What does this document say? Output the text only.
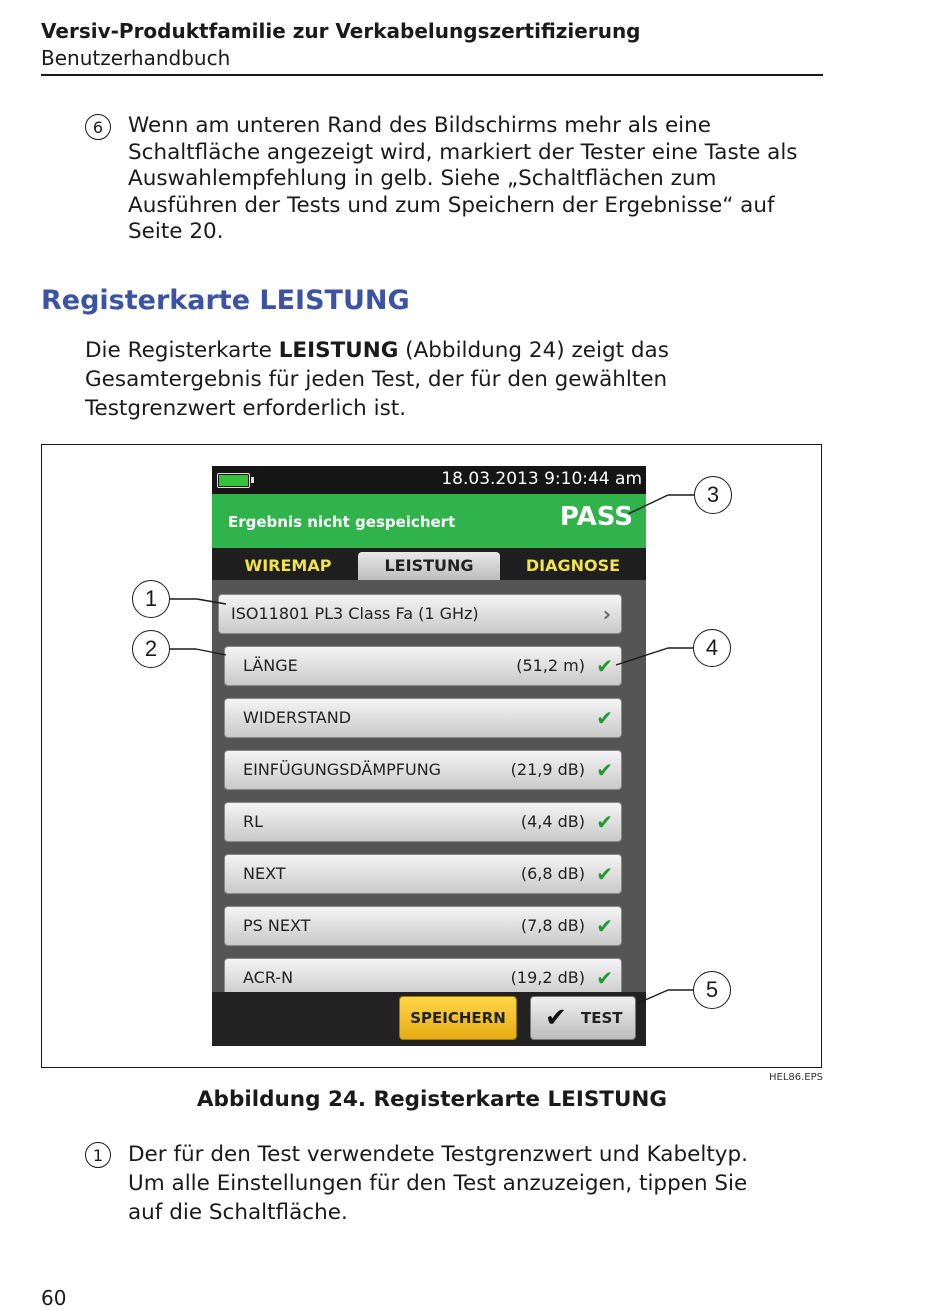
Versiv-Produktfamilie zur Verkabelungszertifizierung
Benutzerhandbuch
6	Wenn am unteren Rand des Bildschirms mehr als eine
Schaltfläche angezeigt wird, markiert der Tester eine Taste als
Auswahlempfehlung in gelb. Siehe „Schaltflächen zum
Ausführen der Tests und zum Speichern der Ergebnisse“ auf
Seite 20.
Registerkarte LEISTUNG
Die Registerkarte LEISTUNG (Abbildung 24) zeigt das
Gesamtergebnis für jeden Test, der für den gewählten
Testgrenzwert erforderlich ist.
18.03.2013 9:10:44 am
Ergebnis nicht gespeichert	PASS
WIREMAP	LEISTUNG	DIAGNOSE
ISO11801 PL3 Class Fa (1 GHz)	›
LÄNGE	(51,2 m) ✔
WIDERSTAND	✔
EINFÜGUNGSDÄMPFUNG	(21,9 dB) ✔
RL	(4,4 dB) ✔
NEXT	(6,8 dB) ✔
PS NEXT	(7,8 dB) ✔
ACR-N	(19,2 dB) ✔
SPEICHERN	✔ TEST
1
2
3
4
5
HEL86.EPS
Abbildung 24. Registerkarte LEISTUNG
1	Der für den Test verwendete Testgrenzwert und Kabeltyp.
Um alle Einstellungen für den Test anzuzeigen, tippen Sie
auf die Schaltfläche.
60
